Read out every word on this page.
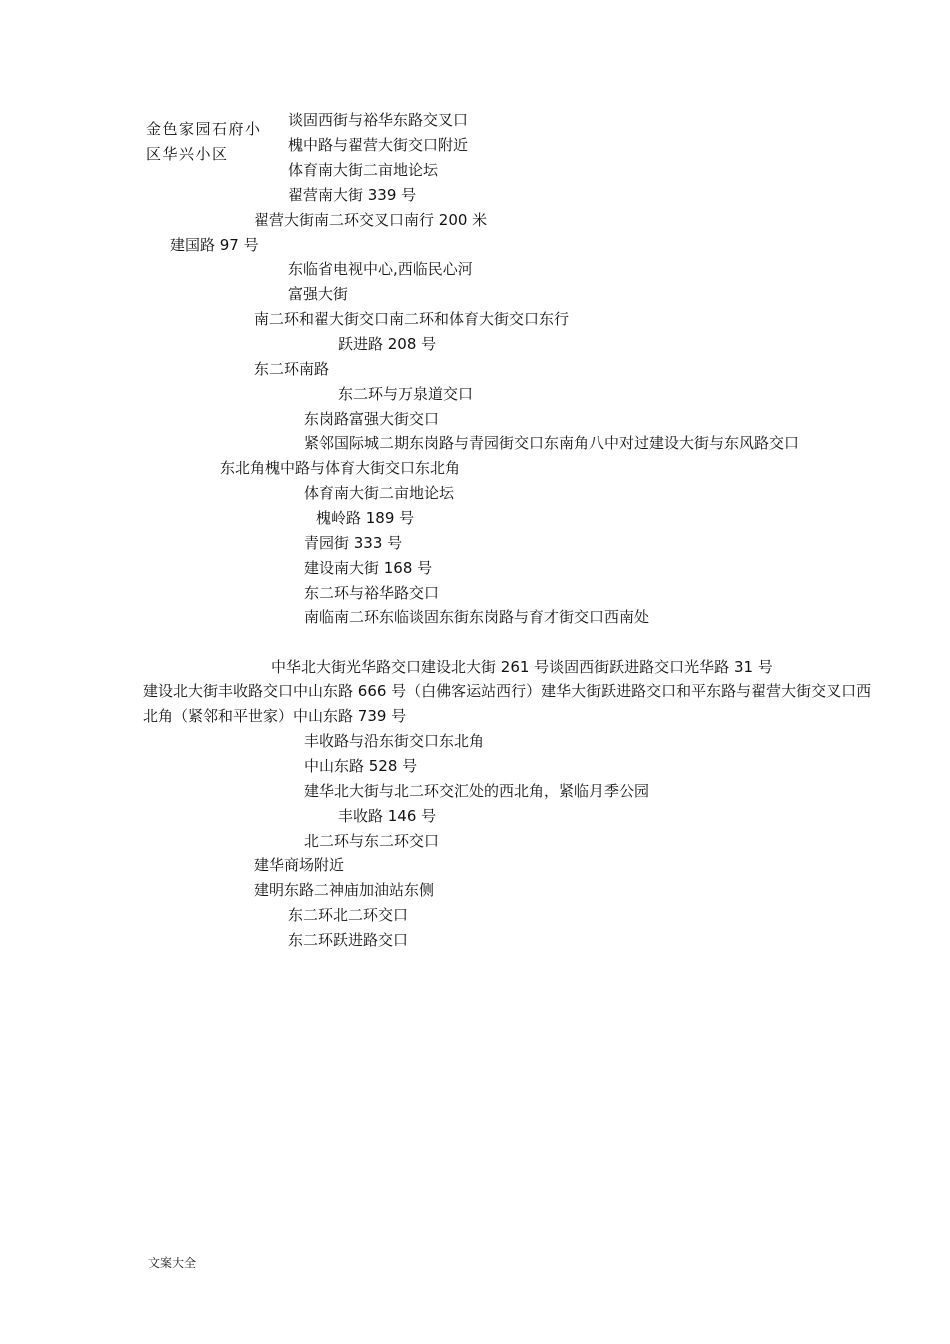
金色家园石府小区华兴小区
谈固西街与裕华东路交叉口
槐中路与翟营大街交口附近
体育南大街二亩地论坛
翟营南大街 339 号
翟营大街南二环交叉口南行 200 米
建国路 97 号
东临省电视中心,西临民心河
富强大街
南二环和翟大街交口南二环和体育大街交口东行
跃进路 208 号
东二环南路
东二环与万泉道交口
东岗路富强大街交口
紧邻国际城二期东岗路与青园街交口东南角八中对过建设大街与东风路交口
东北角槐中路与体育大街交口东北角
体育南大街二亩地论坛
槐岭路 189 号
青园街 333 号
建设南大街 168 号
东二环与裕华路交口
南临南二环东临谈固东街东岗路与育才街交口西南处
中华北大街光华路交口建设北大街 261 号谈固西街跃进路交口光华路 31 号
建设北大街丰收路交口中山东路 666 号（白佛客运站西行）建华大街跃进路交口和平东路与翟营大街交叉口西北角（紧邻和平世家）中山东路 739 号
丰收路与沿东街交口东北角
中山东路 528 号
建华北大街与北二环交汇处的西北角，紧临月季公园
丰收路 146 号
北二环与东二环交口
建华商场附近
建明东路二神庙加油站东侧
东二环北二环交口
东二环跃进路交口
文案大全
